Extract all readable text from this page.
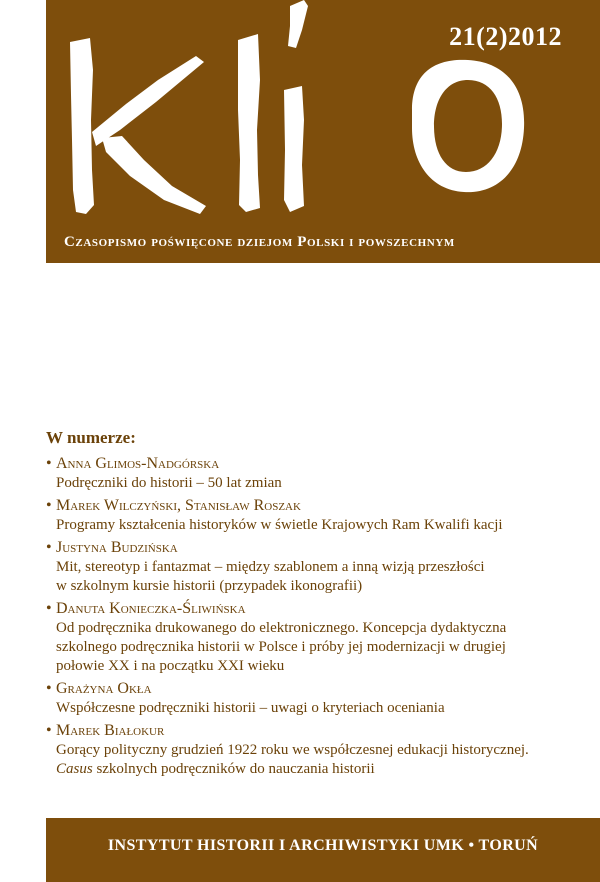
21(2)2012
Czasopismo poświęcone dziejom Polski i powszechnym
W numerze:
• Anna Glimos-Nadgórska
Podręczniki do historii – 50 lat zmian
• Marek Wilczyński, Stanisław Roszak
Programy kształcenia historyków w świetle Krajowych Ram Kwalifi kacji
• Justyna Budzińska
Mit, stereotyp i fantazmat – między szablonem a inną wizją przeszłości
w szkolnym kursie historii (przypadek ikonografii)
• Danuta Konieczka-Śliwińska
Od podręcznika drukowanego do elektronicznego. Koncepcja dydaktyczna
szkolnego podręcznika historii w Polsce i próby jej modernizacji w drugiej
połowie XX i na początku XXI wieku
• Grażyna Okła
Współczesne podręczniki historii – uwagi o kryteriach oceniania
• Marek Białokur
Gorący polityczny grudzień 1922 roku we współczesnej edukacji historycznej.
Casus szkolnych podręczników do nauczania historii
INSTYTUT HISTORII I ARCHIWISTYKI UMK • TORUŃ
